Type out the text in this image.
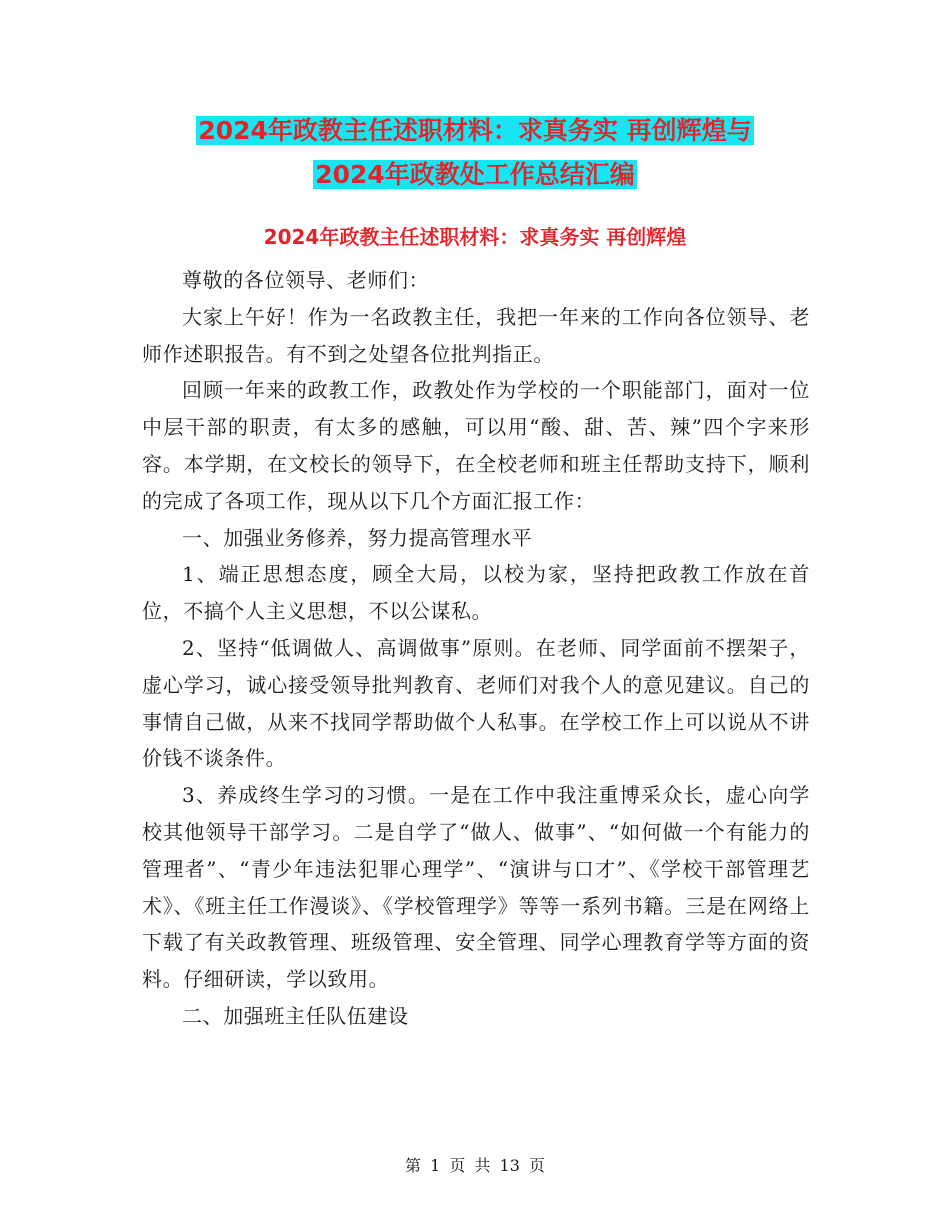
2024年政教主任述职材料：求真务实 再创辉煌与
2024年政教处工作总结汇编
2024年政教主任述职材料：求真务实 再创辉煌

尊敬的各位领导、老师们：

大家上午好！作为一名政教主任，我把一年来的工作向各位领导、老师作述职报告。有不到之处望各位批判指正。

回顾一年来的政教工作，政教处作为学校的一个职能部门，面对一位中层干部的职责，有太多的感触，可以用“酸、甜、苦、辣”四个字来形容。本学期，在文校长的领导下，在全校老师和班主任帮助支持下，顺利的完成了各项工作，现从以下几个方面汇报工作：

一、加强业务修养，努力提高管理水平

1、端正思想态度，顾全大局，以校为家，坚持把政教工作放在首位，不搞个人主义思想，不以公谋私。

2、坚持“低调做人、高调做事”原则。在老师、同学面前不摆架子，虚心学习，诚心接受领导批判教育、老师们对我个人的意见建议。自己的事情自己做，从来不找同学帮助做个人私事。在学校工作上可以说从不讲价钱不谈条件。

3、养成终生学习的习惯。一是在工作中我注重博采众长，虚心向学校其他领导干部学习。二是自学了“做人、做事”、“如何做一个有能力的管理者”、“青少年违法犯罪心理学”、“演讲与口才”、《学校干部管理艺术》、《班主任工作漫谈》、《学校管理学》等等一系列书籍。三是在网络上下载了有关政教管理、班级管理、安全管理、同学心理教育学等方面的资料。仔细研读，学以致用。

二、加强班主任队伍建设

第 1 页 共 13 页
